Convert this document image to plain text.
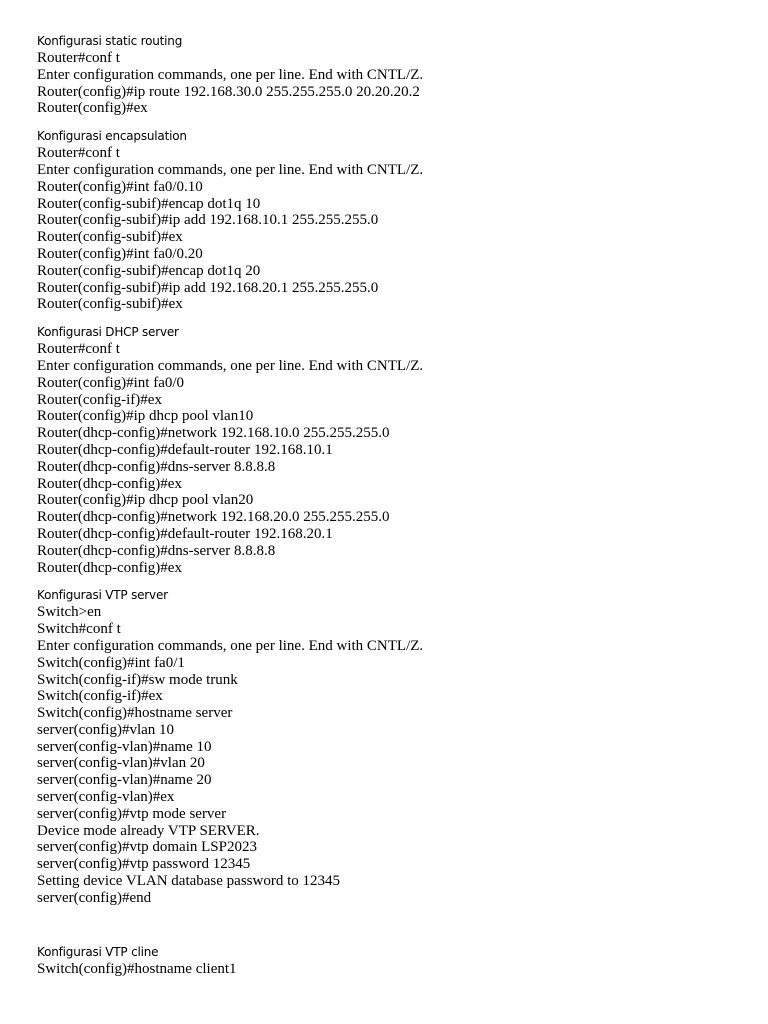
Konfigurasi static routing
Router#conf t
Enter configuration commands, one per line. End with CNTL/Z.
Router(config)#ip route 192.168.30.0 255.255.255.0 20.20.20.2
Router(config)#ex
Konfigurasi encapsulation
Router#conf t
Enter configuration commands, one per line. End with CNTL/Z.
Router(config)#int fa0/0.10
Router(config-subif)#encap dot1q 10
Router(config-subif)#ip add 192.168.10.1 255.255.255.0
Router(config-subif)#ex
Router(config)#int fa0/0.20
Router(config-subif)#encap dot1q 20
Router(config-subif)#ip add 192.168.20.1 255.255.255.0
Router(config-subif)#ex
Konfigurasi DHCP server
Router#conf t
Enter configuration commands, one per line. End with CNTL/Z.
Router(config)#int fa0/0
Router(config-if)#ex
Router(config)#ip dhcp pool vlan10
Router(dhcp-config)#network 192.168.10.0 255.255.255.0
Router(dhcp-config)#default-router 192.168.10.1
Router(dhcp-config)#dns-server 8.8.8.8
Router(dhcp-config)#ex
Router(config)#ip dhcp pool vlan20
Router(dhcp-config)#network 192.168.20.0 255.255.255.0
Router(dhcp-config)#default-router 192.168.20.1
Router(dhcp-config)#dns-server 8.8.8.8
Router(dhcp-config)#ex
Konfigurasi VTP server
Switch>en
Switch#conf t
Enter configuration commands, one per line. End with CNTL/Z.
Switch(config)#int fa0/1
Switch(config-if)#sw mode trunk
Switch(config-if)#ex
Switch(config)#hostname server
server(config)#vlan 10
server(config-vlan)#name 10
server(config-vlan)#vlan 20
server(config-vlan)#name 20
server(config-vlan)#ex
server(config)#vtp mode server
Device mode already VTP SERVER.
server(config)#vtp domain LSP2023
server(config)#vtp password 12345
Setting device VLAN database password to 12345
server(config)#end
Konfigurasi VTP cline
Switch(config)#hostname client1
